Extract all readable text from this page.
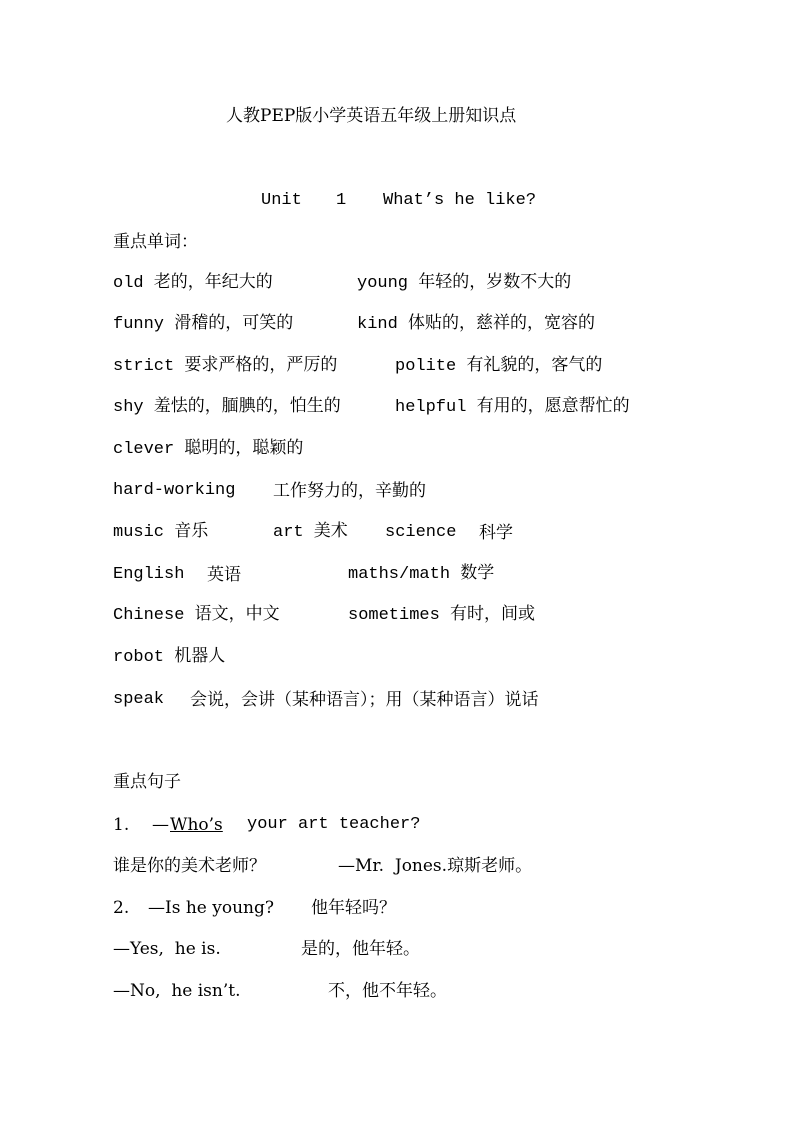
人教PEP版小学英语五年级上册知识点
Unit 1 What’s he like?
重点单词：
old 老的，年纪大的	young 年轻的，岁数不大的
funny 滑稽的，可笑的	kind 体贴的，慈祥的，宽容的
strict 要求严格的，严厉的	polite 有礼貌的，客气的
shy 羞怯的，腼腆的，怕生的	helpful 有用的，愿意帮忙的
clever 聪明的，聪颖的
hard-working 工作努力的，辛勤的
music 音乐	art 美术 science 科学
English 英语	maths/math 数学
Chinese 语文，中文	sometimes 有时，间或
robot 机器人
speak 会说，会讲（某种语言）；用（某种语言）说话
重点句子
1. — Who’s your art teacher?
谁是你的美术老师？	—Mr.  Jones.琼斯老师。
2. —Is he young? 他年轻吗？
—Yes,  he is.	是的，他年轻。
—No,  he isn’t.	不，他不年轻。
